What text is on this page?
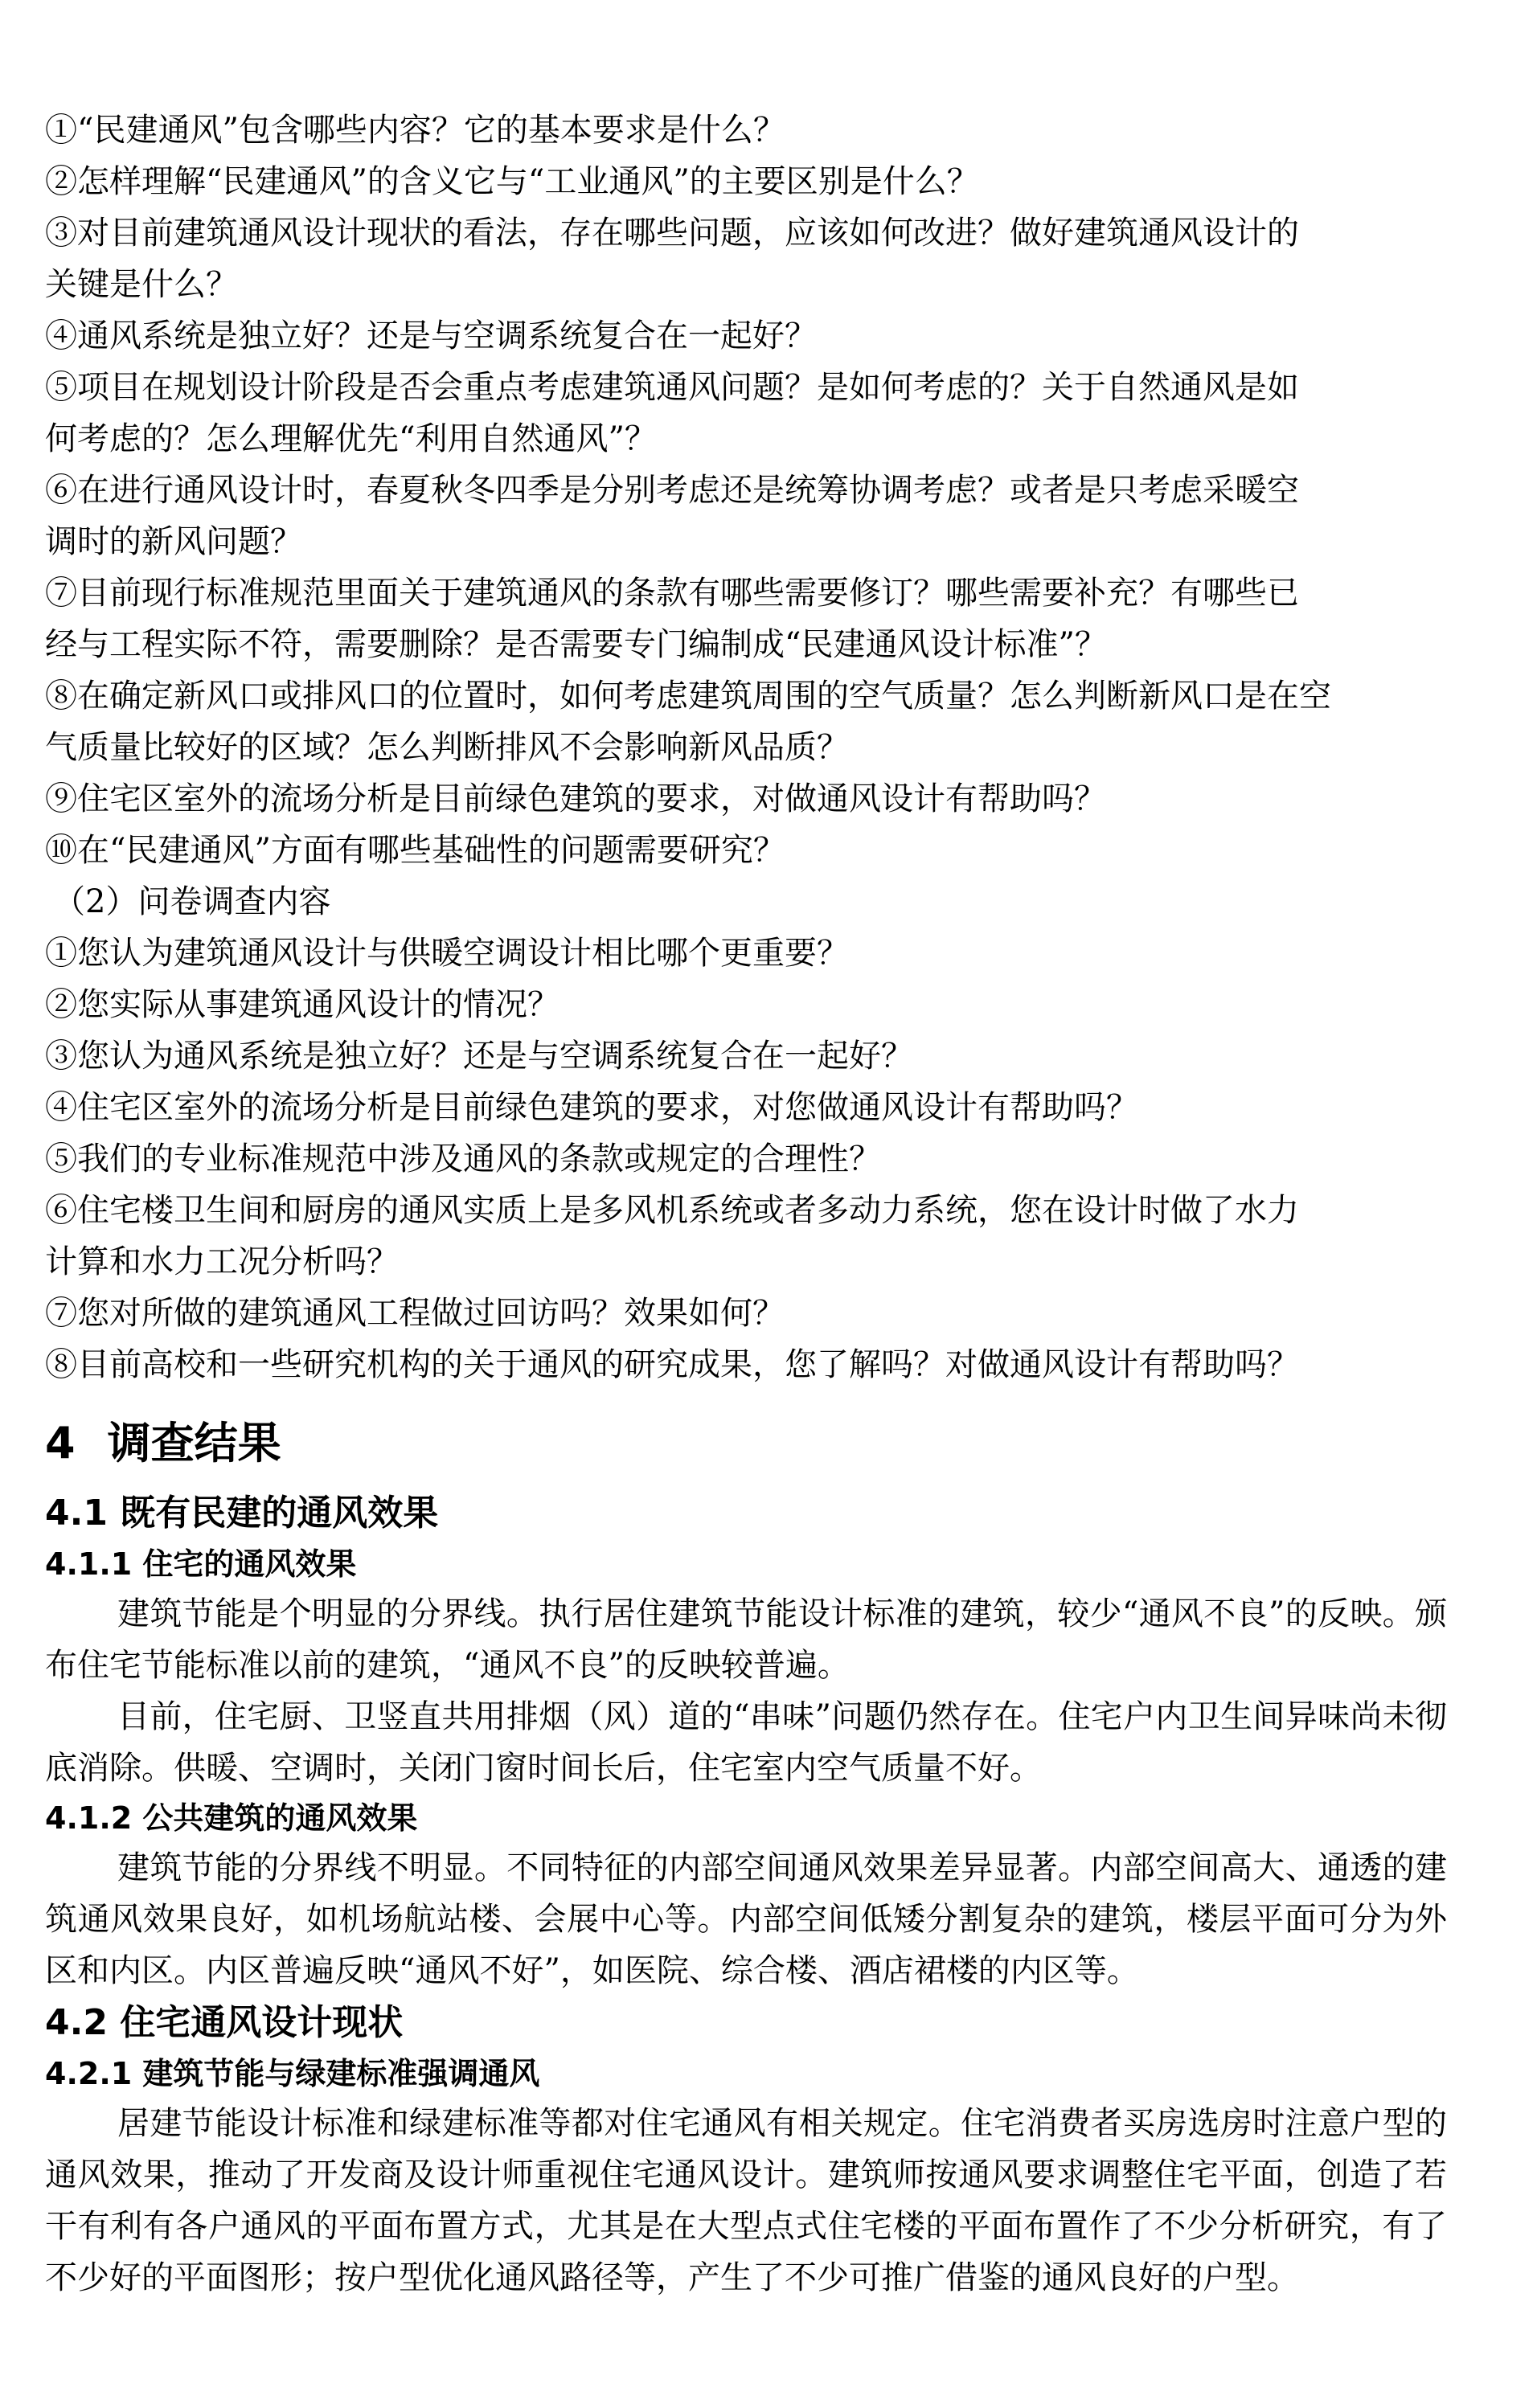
①“民建通风”包含哪些内容？它的基本要求是什么？

②怎样理解“民建通风”的含义它与“工业通风”的主要区别是什么？

③对目前建筑通风设计现状的看法，存在哪些问题，应该如何改进？做好建筑通风设计的

关键是什么？

④通风系统是独立好？还是与空调系统复合在一起好？

⑤项目在规划设计阶段是否会重点考虑建筑通风问题？是如何考虑的？关于自然通风是如

何考虑的？怎么理解优先“利用自然通风”？

⑥在进行通风设计时，春夏秋冬四季是分别考虑还是统筹协调考虑？或者是只考虑采暖空

调时的新风问题？

⑦目前现行标准规范里面关于建筑通风的条款有哪些需要修订？哪些需要补充？有哪些已

经与工程实际不符，需要删除？是否需要专门编制成“民建通风设计标准”？

⑧在确定新风口或排风口的位置时，如何考虑建筑周围的空气质量？怎么判断新风口是在空

气质量比较好的区域？怎么判断排风不会影响新风品质？

⑨住宅区室外的流场分析是目前绿色建筑的要求，对做通风设计有帮助吗？

⑩在“民建通风”方面有哪些基础性的问题需要研究？

（2）问卷调查内容

①您认为建筑通风设计与供暖空调设计相比哪个更重要？

②您实际从事建筑通风设计的情况？

③您认为通风系统是独立好？还是与空调系统复合在一起好？

④住宅区室外的流场分析是目前绿色建筑的要求，对您做通风设计有帮助吗？

⑤我们的专业标准规范中涉及通风的条款或规定的合理性？

⑥住宅楼卫生间和厨房的通风实质上是多风机系统或者多动力系统，您在设计时做了水力

计算和水力工况分析吗？

⑦您对所做的建筑通风工程做过回访吗？效果如何？

⑧目前高校和一些研究机构的关于通风的研究成果，您了解吗？对做通风设计有帮助吗？

4 调查结果
4.1 既有民建的通风效果
4.1.1 住宅的通风效果

建筑节能是个明显的分界线。执行居住建筑节能设计标准的建筑，较少“通风不良”的反映。颁布住宅节能标准以前的建筑，“通风不良”的反映较普遍。

目前，住宅厨、卫竖直共用排烟（风）道的“串味”问题仍然存在。住宅户内卫生间异味尚未彻底消除。供暖、空调时，关闭门窗时间长后，住宅室内空气质量不好。

4.1.2 公共建筑的通风效果

建筑节能的分界线不明显。不同特征的内部空间通风效果差异显著。内部空间高大、通透的建筑通风效果良好，如机场航站楼、会展中心等。内部空间低矮分割复杂的建筑，楼层平面可分为外区和内区。内区普遍反映“通风不好”，如医院、综合楼、酒店裙楼的内区等。

4.2 住宅通风设计现状
4.2.1 建筑节能与绿建标准强调通风

居建节能设计标准和绿建标准等都对住宅通风有相关规定。住宅消费者买房选房时注意户型的通风效果，推动了开发商及设计师重视住宅通风设计。建筑师按通风要求调整住宅平面，创造了若干有利有各户通风的平面布置方式，尤其是在大型点式住宅楼的平面布置作了不少分析研究，有了不少好的平面图形；按户型优化通风路径等，产生了不少可推广借鉴的通风良好的户型。
